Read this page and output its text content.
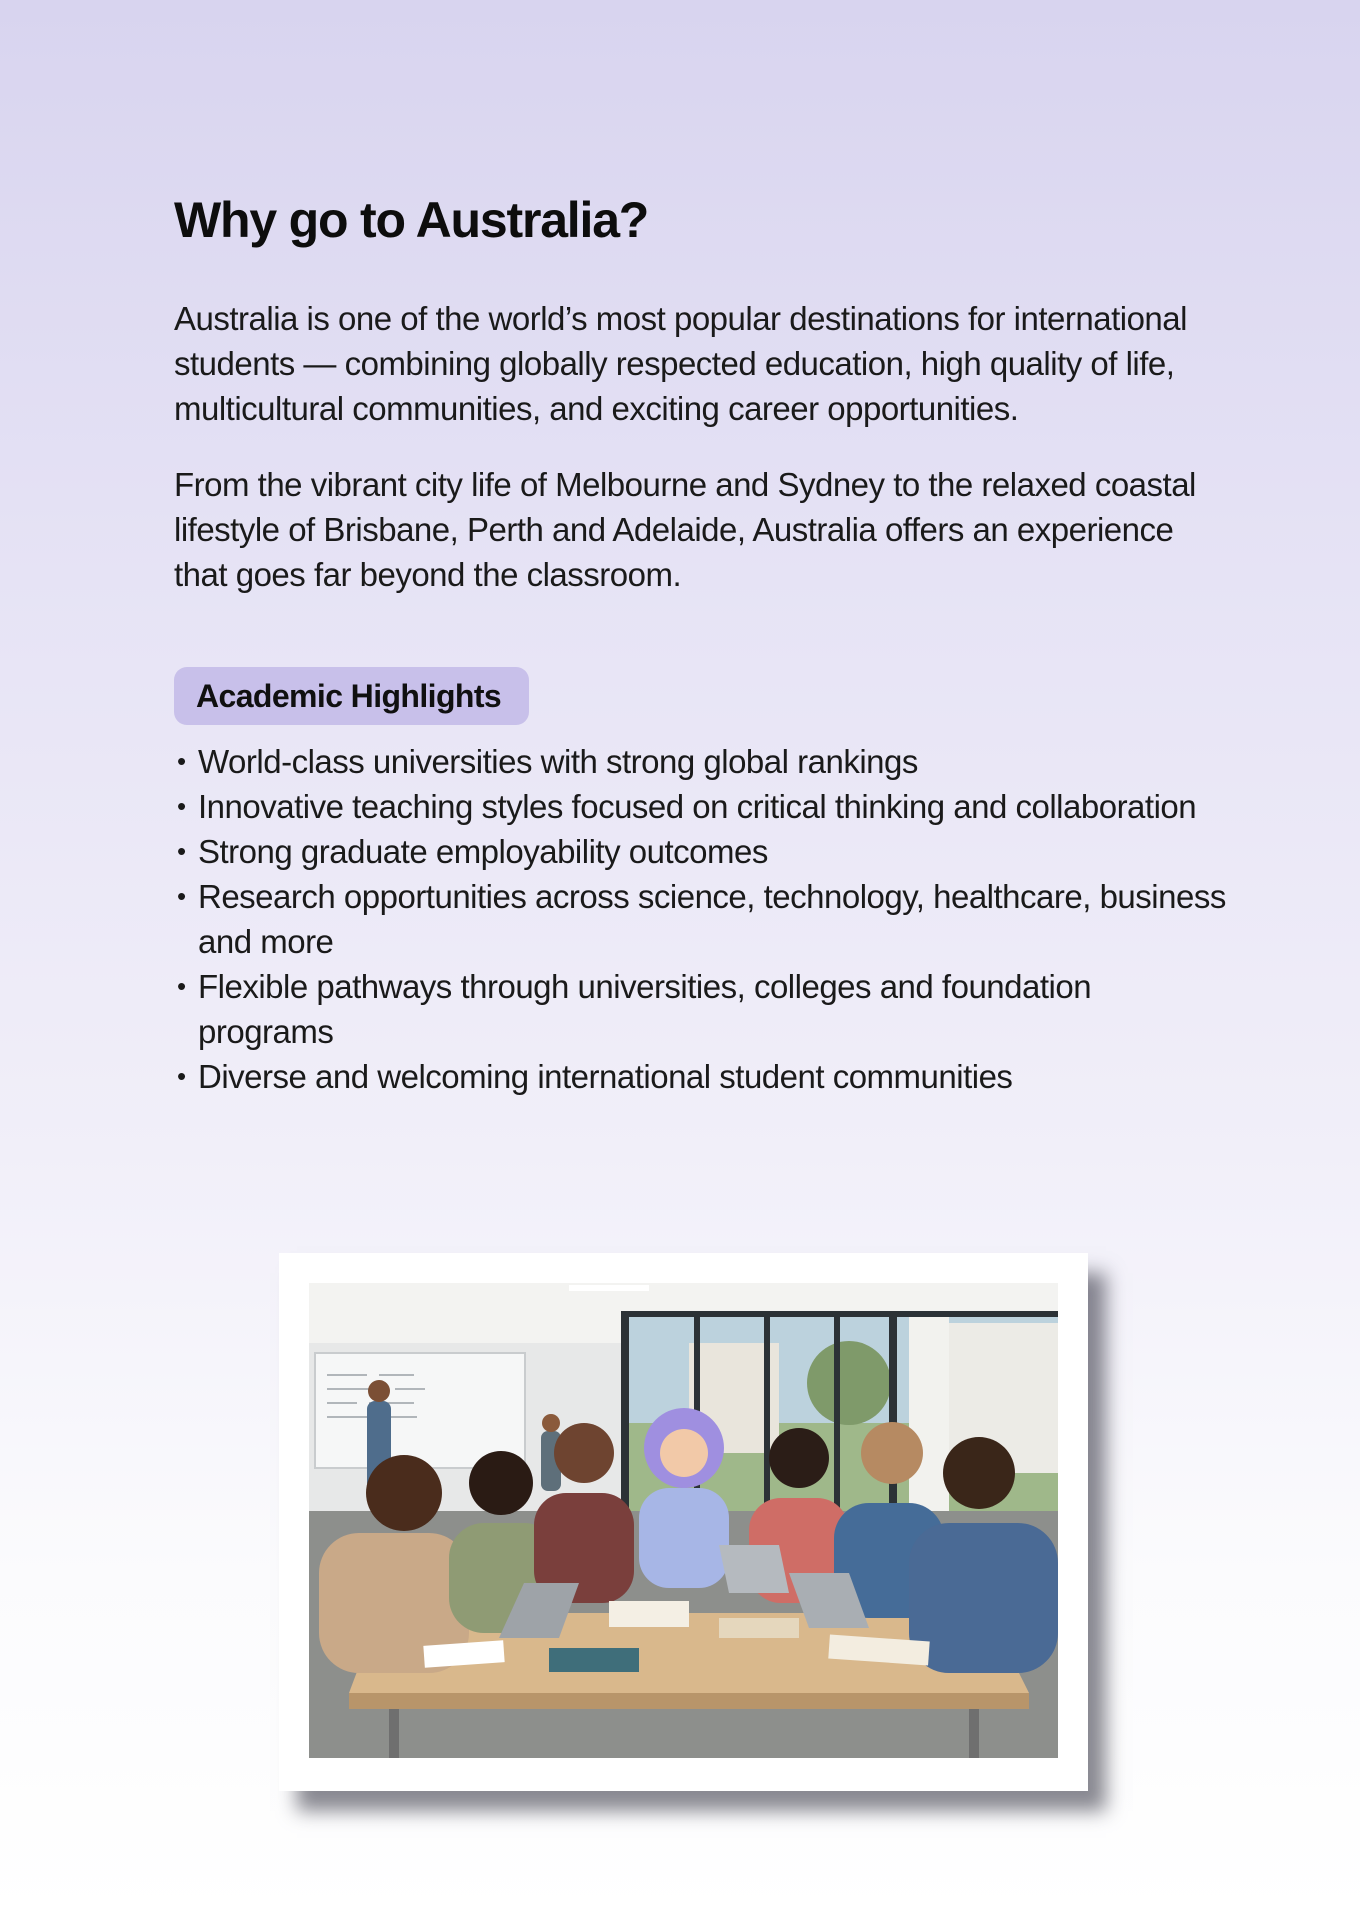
Why go to Australia?

Australia is one of the world’s most popular destinations for international students — combining globally respected education, high quality of life, multicultural communities, and exciting career opportunities.

From the vibrant city life of Melbourne and Sydney to the relaxed coastal lifestyle of Brisbane, Perth and Adelaide, Australia offers an experience that goes far beyond the classroom.

Academic Highlights
• World-class universities with strong global rankings
• Innovative teaching styles focused on critical thinking and collaboration
• Strong graduate employability outcomes
• Research opportunities across science, technology, healthcare, business and more
• Flexible pathways through universities, colleges and foundation programs
• Diverse and welcoming international student communities
